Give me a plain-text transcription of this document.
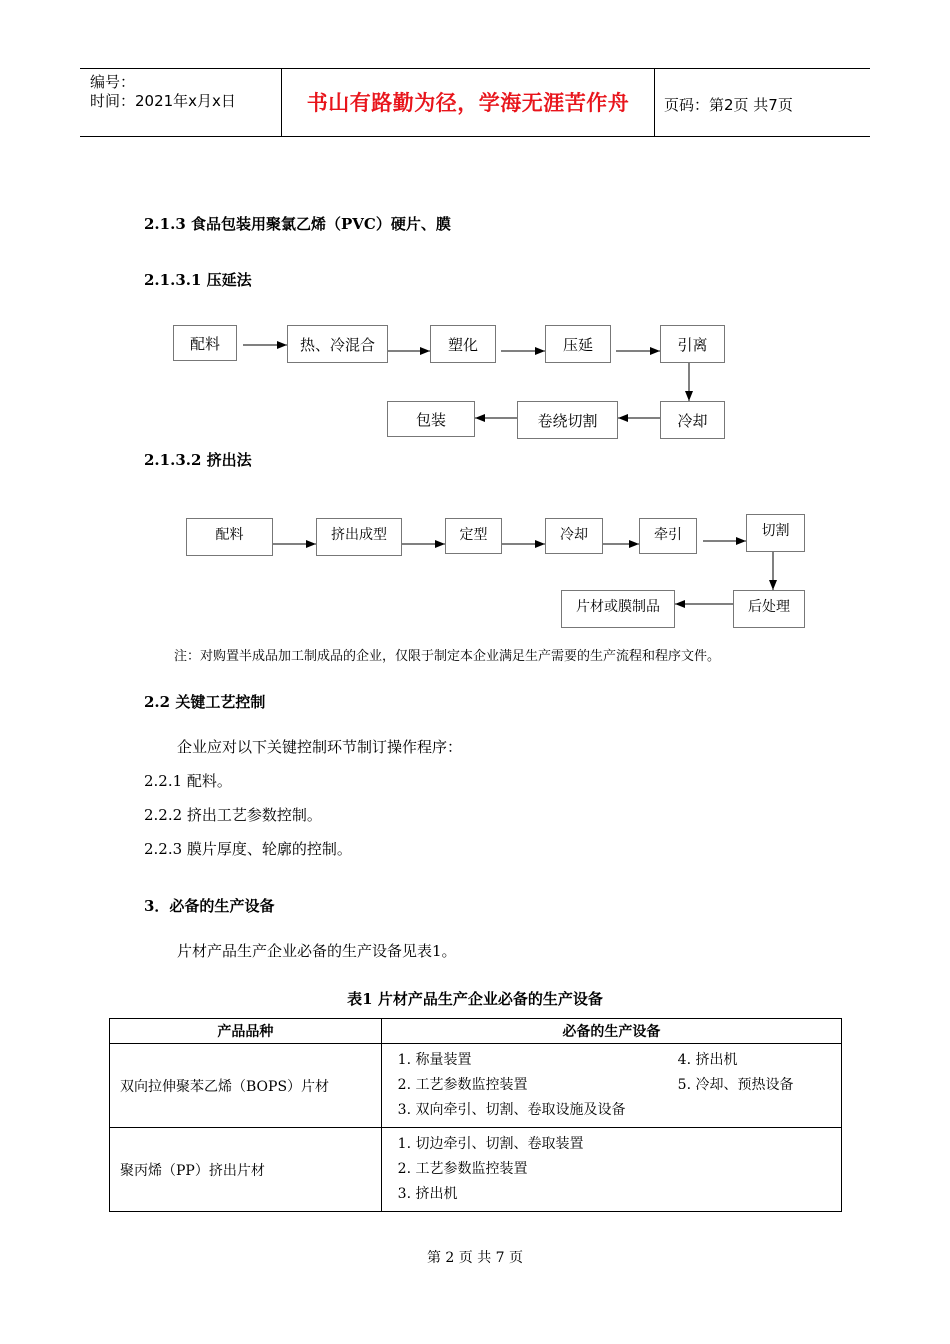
编号：
时间：2021年x月x日	书山有路勤为径，学海无涯苦作舟	页码：第2页 共7页
2.1.3 食品包装用聚氯乙烯（PVC）硬片、膜
2.1.3.1 压延法
配料	热、冷混合	塑化	压延	引离
冷却
卷绕切割
包装
2.1.3.2 挤出法
配料	挤出成型	定型	冷却	牵引	切割
后处理
片材或膜制品
注：对购置半成品加工制成品的企业，仅限于制定本企业满足生产需要的生产流程和程序文件。
2.2 关键工艺控制
企业应对以下关键控制环节制订操作程序：
2.2.1 配料。
2.2.2 挤出工艺参数控制。
2.2.3 膜片厚度、轮廓的控制。
3．必备的生产设备
片材产品生产企业必备的生产设备见表1。
表1 片材产品生产企业必备的生产设备
产品品种	必备的生产设备
双向拉伸聚苯乙烯（BOPS）片材	1. 称量装置 4. 挤出机
2. 工艺参数监控装置 5. 冷却、预热设备
3. 双向牵引、切割、卷取设施及设备

聚丙烯（PP）挤出片材	1. 切边牵引、切割、卷取装置
2. 工艺参数监控装置
3. 挤出机
第 2 页 共 7 页
